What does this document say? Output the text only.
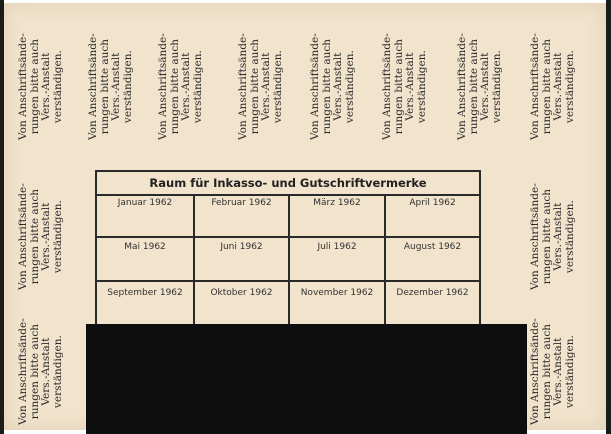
Von Anschriftsände- rungen bitte auch Vers.-Anstalt verständigen. Von Anschriftsände- rungen bitte auch Vers.-Anstalt verständigen. Von Anschriftsände- rungen bitte auch Vers.-Anstalt verständigen.	Von Anschriftsände- rungen bitte auch Vers.-Anstalt verständigen. Von Anschriftsände- rungen bitte auch Vers.-Anstalt verständigen. Von Anschriftsände- rungen bitte auch Vers.-Anstalt verständigen.	Von Anschriftsände- rungen bitte auch Vers.-Anstalt verständigen.	Von Anschriftsände- rungen bitte auch Vers.-Anstalt verständigen.
Von Anschriftsände- rungen bitte auch Vers.-Anstalt verständigen.	Von Anschriftsände- rungen bitte auch Vers.-Anstalt verständigen.
Von Anschriftsände- rungen bitte auch Vers.-Anstalt verständigen.	Von Anschriftsände- rungen bitte auch Vers.-Anstalt verständigen.
Raum für Inkasso- und Gutschriftvermerke
Januar 1962	Februar 1962	März 1962	April 1962
Mai 1962	Juni 1962	Juli 1962	August 1962
September 1962	Oktober 1962	November 1962	Dezember 1962
